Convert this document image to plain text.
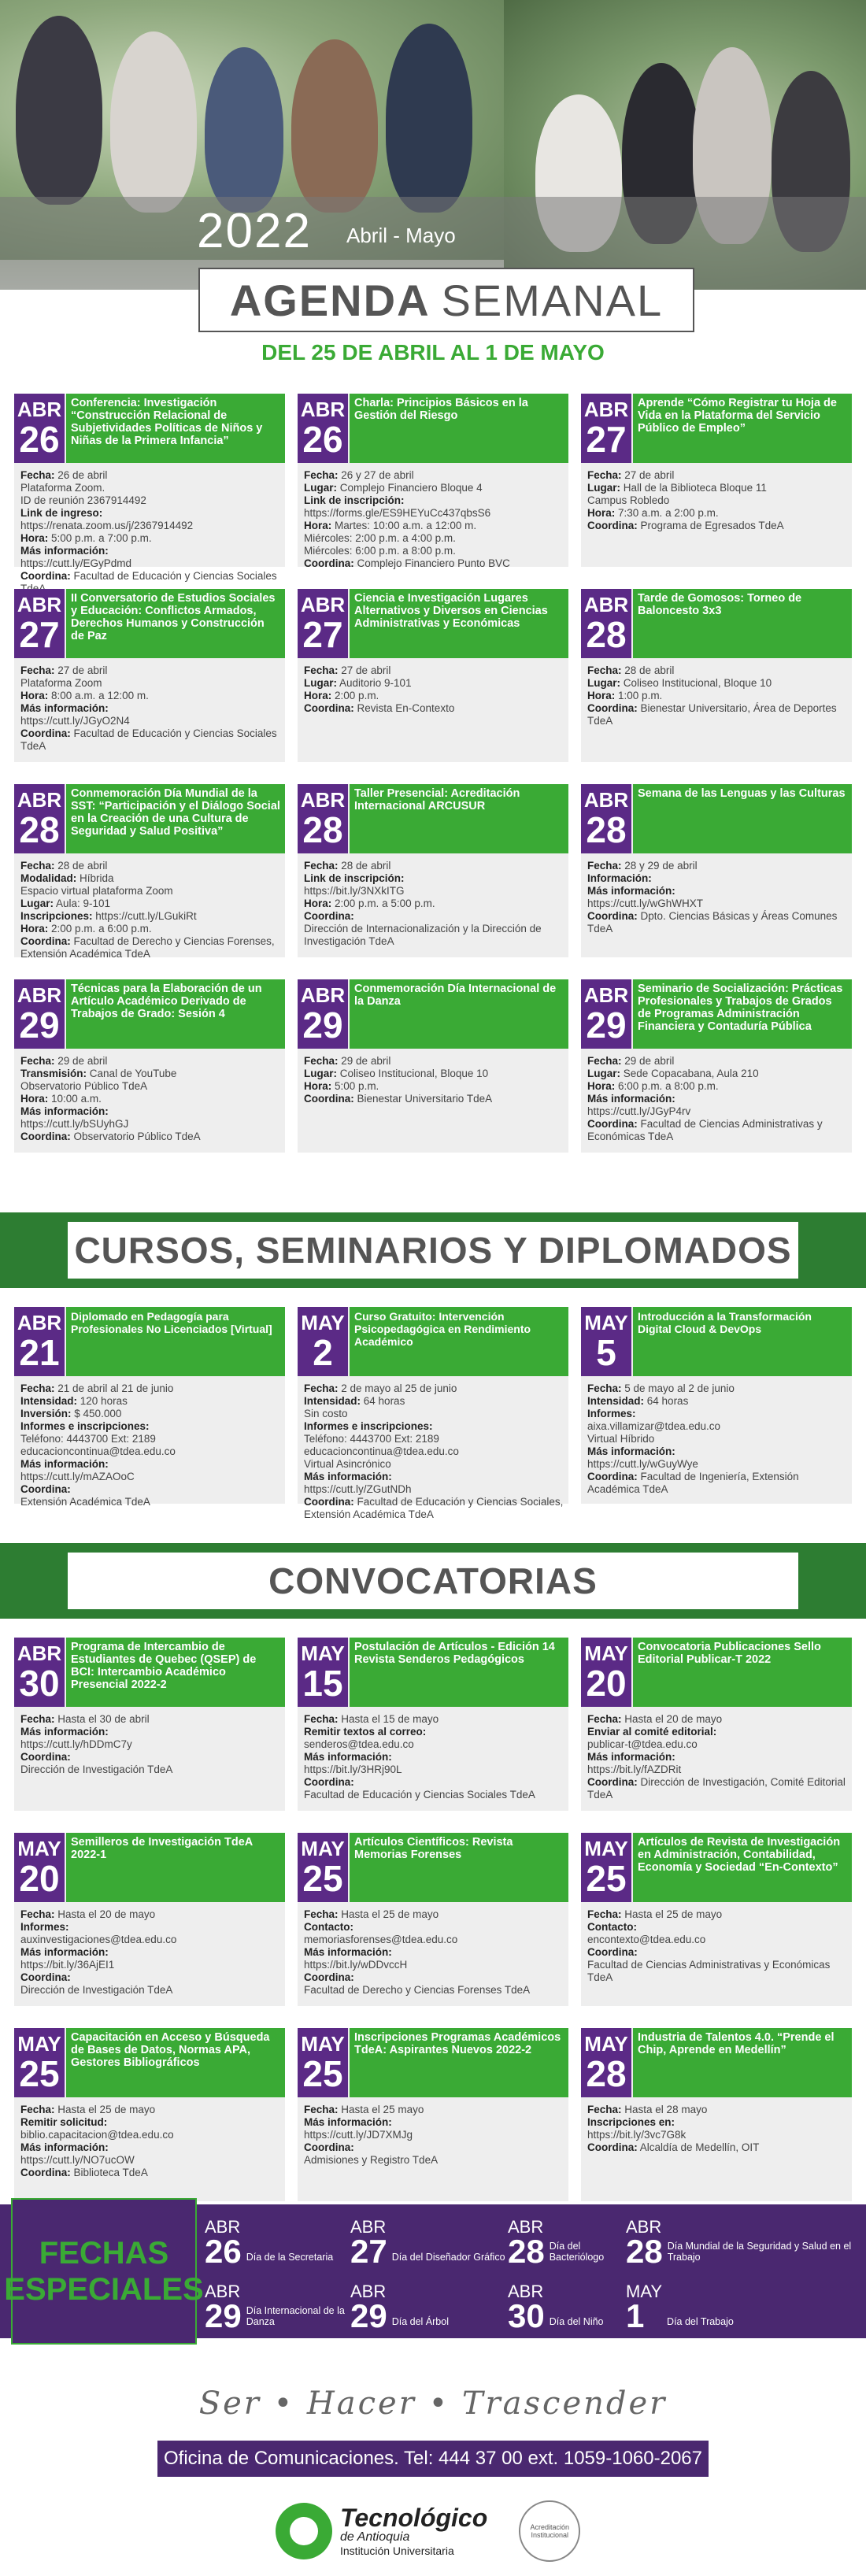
2022 Abril - Mayo
AGENDA SEMANAL
DEL 25 DE ABRIL AL 1 DE MAYO
ABR
26
Conferencia: Investigación “Construcción Relacional de Subjetividades Políticas de Niños y Niñas de la Primera Infancia”
Fecha: 26 de abril
Plataforma Zoom.
ID de reunión 2367914492
Link de ingreso:
https://renata.zoom.us/j/2367914492
Hora: 5:00 p.m. a 7:00 p.m.
Más información:
https://cutt.ly/EGyPdmd
Coordina: Facultad de Educación y Ciencias Sociales
ABR
26
Charla: Principios Básicos en la Gestión del Riesgo
Fecha: 26 y 27 de abril
Lugar: Complejo Financiero Bloque 4
Link de inscripción:
https://forms.gle/ES9HEYuCc437qbsS6
Hora: Martes: 10:00 a.m. a 12:00 m.
Miércoles: 2:00 p.m. a 4:00 p.m.
Miércoles: 6:00 p.m. a 8:00 p.m.
Coordina: Complejo Financiero Punto BVC
ABR
27
Aprende “Cómo Registrar tu Hoja de Vida en la Plataforma del Servicio Público de Empleo”
Fecha: 27 de abril
Lugar: Hall de la Biblioteca Bloque 11
Campus Robledo
Hora: 7:30 a.m. a 2:00 p.m.
Coordina: Programa de Egresados TdeA
ABR
27
II Conversatorio de Estudios Sociales y Educación: Conflictos Armados, Derechos Humanos y Construcción de Paz
Fecha: 27 de abril
Plataforma Zoom
Hora: 8:00 a.m. a 12:00 m.
Más información:
https://cutt.ly/JGyO2N4
Coordina: Facultad de Educación y Ciencias Sociales TdeA
ABR
27
Ciencia e Investigación Lugares Alternativos y Diversos en Ciencias Administrativas y Económicas
Fecha: 27 de abril
Lugar: Auditorio 9-101
Hora: 2:00 p.m.
Coordina: Revista En-Contexto
ABR
28
Tarde de Gomosos: Torneo de Baloncesto 3x3
Fecha: 28 de abril
Lugar: Coliseo Institucional, Bloque 10
Hora: 1:00 p.m.
Coordina: Bienestar Universitario, Área de Deportes TdeA
ABR
28
Conmemoración Día Mundial de la SST: “Participación y el Diálogo Social en la Creación de una Cultura de Seguridad y Salud Positiva”
Fecha: 28 de abril
Modalidad: Híbrida
Espacio virtual plataforma Zoom
Lugar: Aula: 9-101
Inscripciones: https://cutt.ly/LGukiRt
Hora: 2:00 p.m. a 6:00 p.m.
Coordina: Facultad de Derecho y Ciencias Forenses, Extensión Académica TdeA
ABR
28
Taller Presencial: Acreditación Internacional ARCUSUR
Fecha: 28 de abril
Link de inscripción:
https://bit.ly/3NXkITG
Hora: 2:00 p.m. a 5:00 p.m.
Coordina:
Dirección de Internacionalización y la Dirección de Investigación TdeA
ABR
28
Semana de las Lenguas y las Culturas
Fecha: 28 y 29 de abril
Información:
Más información:
https://cutt.ly/wGhWHXT
Coordina: Dpto. Ciencias Básicas y Áreas Comunes TdeA
ABR
29
Técnicas para la Elaboración de un Artículo Académico Derivado de Trabajos de Grado: Sesión 4
Fecha: 29 de abril
Transmisión: Canal de YouTube
Observatorio Público TdeA
Hora: 10:00 a.m.
Más información:
https://cutt.ly/bSUyhGJ
Coordina: Observatorio Público TdeA
ABR
29
Conmemoración Día Internacional de la Danza
Fecha: 29 de abril
Lugar: Coliseo Institucional, Bloque 10
Hora: 5:00 p.m.
Coordina: Bienestar Universitario TdeA
ABR
29
Seminario de Socialización: Prácticas Profesionales y Trabajos de Grados de Programas Administración Financiera y Contaduría Pública
Fecha: 29 de abril
Lugar: Sede Copacabana, Aula 210
Hora: 6:00 p.m. a 8:00 p.m.
Más información:
https://cutt.ly/JGyP4rv
Coordina: Facultad de Ciencias Administrativas y Económicas TdeA
CURSOS, SEMINARIOS Y DIPLOMADOS
ABR
21
Diplomado en Pedagogía para Profesionales No Licenciados [Virtual]
Fecha: 21 de abril al 21 de junio
Intensidad: 120 horas
Inversión: $ 450.000
Informes e inscripciones:
Teléfono: 4443700 Ext: 2189
educacioncontinua@tdea.edu.co
Más información:
https://cutt.ly/mAZAOoC
Coordina:
Extensión Académica TdeA
MAY
2
Curso Gratuito: Intervención Psicopedagógica en Rendimiento Académico
Fecha: 2 de mayo al 25 de junio
Intensidad: 64 horas
Sin costo
Informes e inscripciones:
Teléfono: 4443700 Ext: 2189
educacioncontinua@tdea.edu.co
Virtual Asincrónico
Más información:
https://cutt.ly/ZGutNDh
Coordina: Facultad de Educación y Ciencias Sociales, Extensión Académica TdeA
MAY
5
Introducción a la Transformación Digital Cloud & DevOps
Fecha: 5 de mayo al 2 de junio
Intensidad: 64 horas
Informes:
aixa.villamizar@tdea.edu.co
Virtual Híbrido
Más información:
https://cutt.ly/wGuyWye
Coordina: Facultad de Ingeniería, Extensión Académica TdeA
CONVOCATORIAS
ABR
30
Programa de Intercambio de Estudiantes de Quebec (QSEP) de BCI: Intercambio Académico Presencial 2022-2
Fecha: Hasta el 30 de abril
Más información:
https://cutt.ly/hDDmC7y
Coordina:
Dirección de Investigación TdeA
MAY
15
Postulación de Artículos - Edición 14 Revista Senderos Pedagógicos
Fecha: Hasta el 15 de mayo
Remitir textos al correo:
senderos@tdea.edu.co
Más información:
https://bit.ly/3HRj90L
Coordina:
Facultad de Educación y Ciencias Sociales TdeA
MAY
20
Convocatoria Publicaciones Sello Editorial Publicar-T 2022
Fecha: Hasta el 20 de mayo
Enviar al comité editorial:
publicar-t@tdea.edu.co
Más información:
https://bit.ly/fAZDRit
Coordina: Dirección de Investigación, Comité Editorial TdeA
MAY
20
Semilleros de Investigación TdeA 2022-1
Fecha: Hasta el 20 de mayo
Informes:
auxinvestigaciones@tdea.edu.co
Más información:
https://bit.ly/36AjEI1
Coordina:
Dirección de Investigación TdeA
MAY
25
Artículos Científicos: Revista Memorias Forenses
Fecha: Hasta el 25 de mayo
Contacto:
memoriasforenses@tdea.edu.co
Más información:
https://bit.ly/wDDvccH
Coordina:
Facultad de Derecho y Ciencias Forenses TdeA
MAY
25
Artículos de Revista de Investigación en Administración, Contabilidad, Economía y Sociedad “En-Contexto”
Fecha: Hasta el 25 de mayo
Contacto:
encontexto@tdea.edu.co
Coordina:
Facultad de Ciencias Administrativas y Económicas TdeA
MAY
25
Capacitación en Acceso y Búsqueda de Bases de Datos, Normas APA, Gestores Bibliográficos
Fecha: Hasta el 25 de mayo
Remitir solicitud:
biblio.capacitacion@tdea.edu.co
Más información:
https://cutt.ly/NO7ucOW
Coordina: Biblioteca TdeA
MAY
25
Inscripciones Programas Académicos TdeA: Aspirantes Nuevos 2022-2
Fecha: Hasta el 25 mayo
Más información:
https://cutt.ly/JD7XMJg
Coordina:
Admisiones y Registro TdeA
MAY
28
Industria de Talentos 4.0. “Prende el Chip, Aprende en Medellín”
Fecha: Hasta el 28 mayo
Inscripciones en:
https://bit.ly/3vc7G8k
Coordina: Alcaldía de Medellín, OIT
FECHAS
ESPECIALES
ABR
26 Día de la Secretaria
ABR
27 Día del Diseñador Gráfico
ABR
28 Día del Bacteriólogo
ABR
28 Día Mundial de la Seguridad y Salud en el Trabajo
ABR
29 Día Internacional de la Danza
ABR
29 Día del Árbol
ABR
30 Día del Niño
MAY
1	Día del Trabajo
Ser • Hacer • Trascender
Oficina de Comunicaciones. Tel: 444 37 00 ext. 1059-1060-2067
Tecnológico
de Antioquia
Institución Universitaria
Acreditación Institucional
